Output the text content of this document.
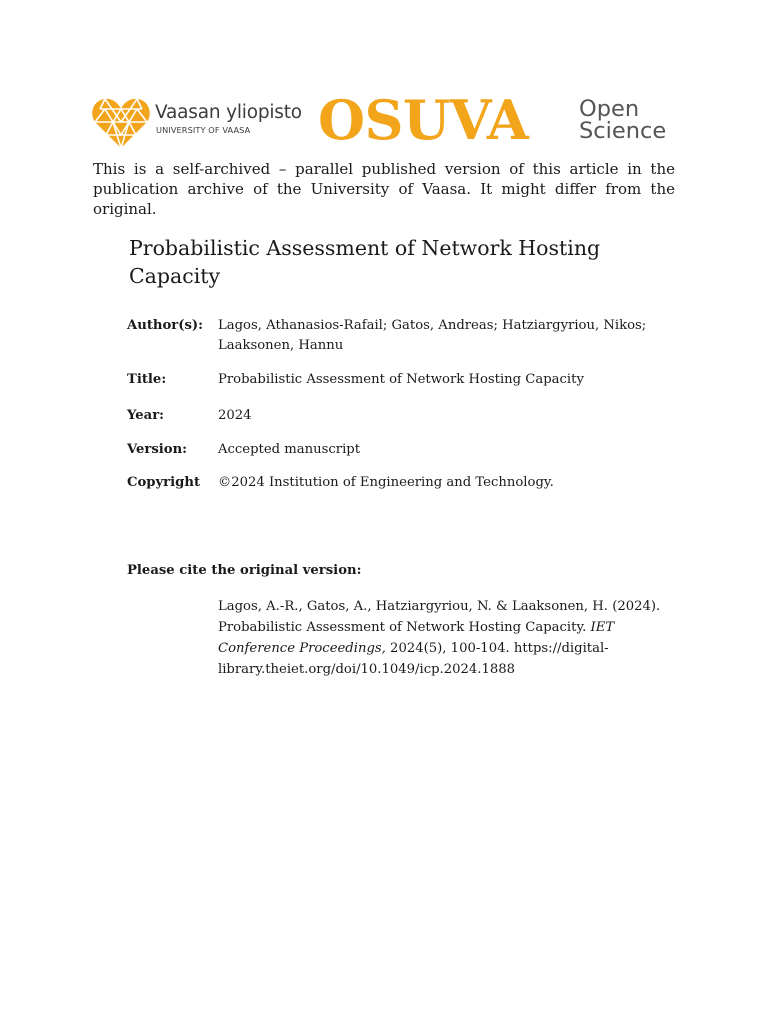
Vaasan yliopisto
UNIVERSITY OF VAASA OSUVA Open
Science

This is a self-archived – parallel published version of this article in the publication archive of the University of Vaasa. It might differ from the original.

Probabilistic Assessment of Network Hosting Capacity
Author(s): Lagos, Athanasios-Rafail; Gatos, Andreas; Hatziargyriou, Nikos; Laaksonen, Hannu
Title:	Probabilistic Assessment of Network Hosting Capacity
Year:	2024
Version: Accepted manuscript
Copyright ©2024 Institution of Engineering and Technology.
Please cite the original version:
Lagos, A.-R., Gatos, A., Hatziargyriou, N. & Laaksonen, H. (2024). Probabilistic Assessment of Network Hosting Capacity. IET Conference Proceedings, 2024(5), 100-104. https://digital-library.theiet.org/doi/10.1049/icp.2024.1888
